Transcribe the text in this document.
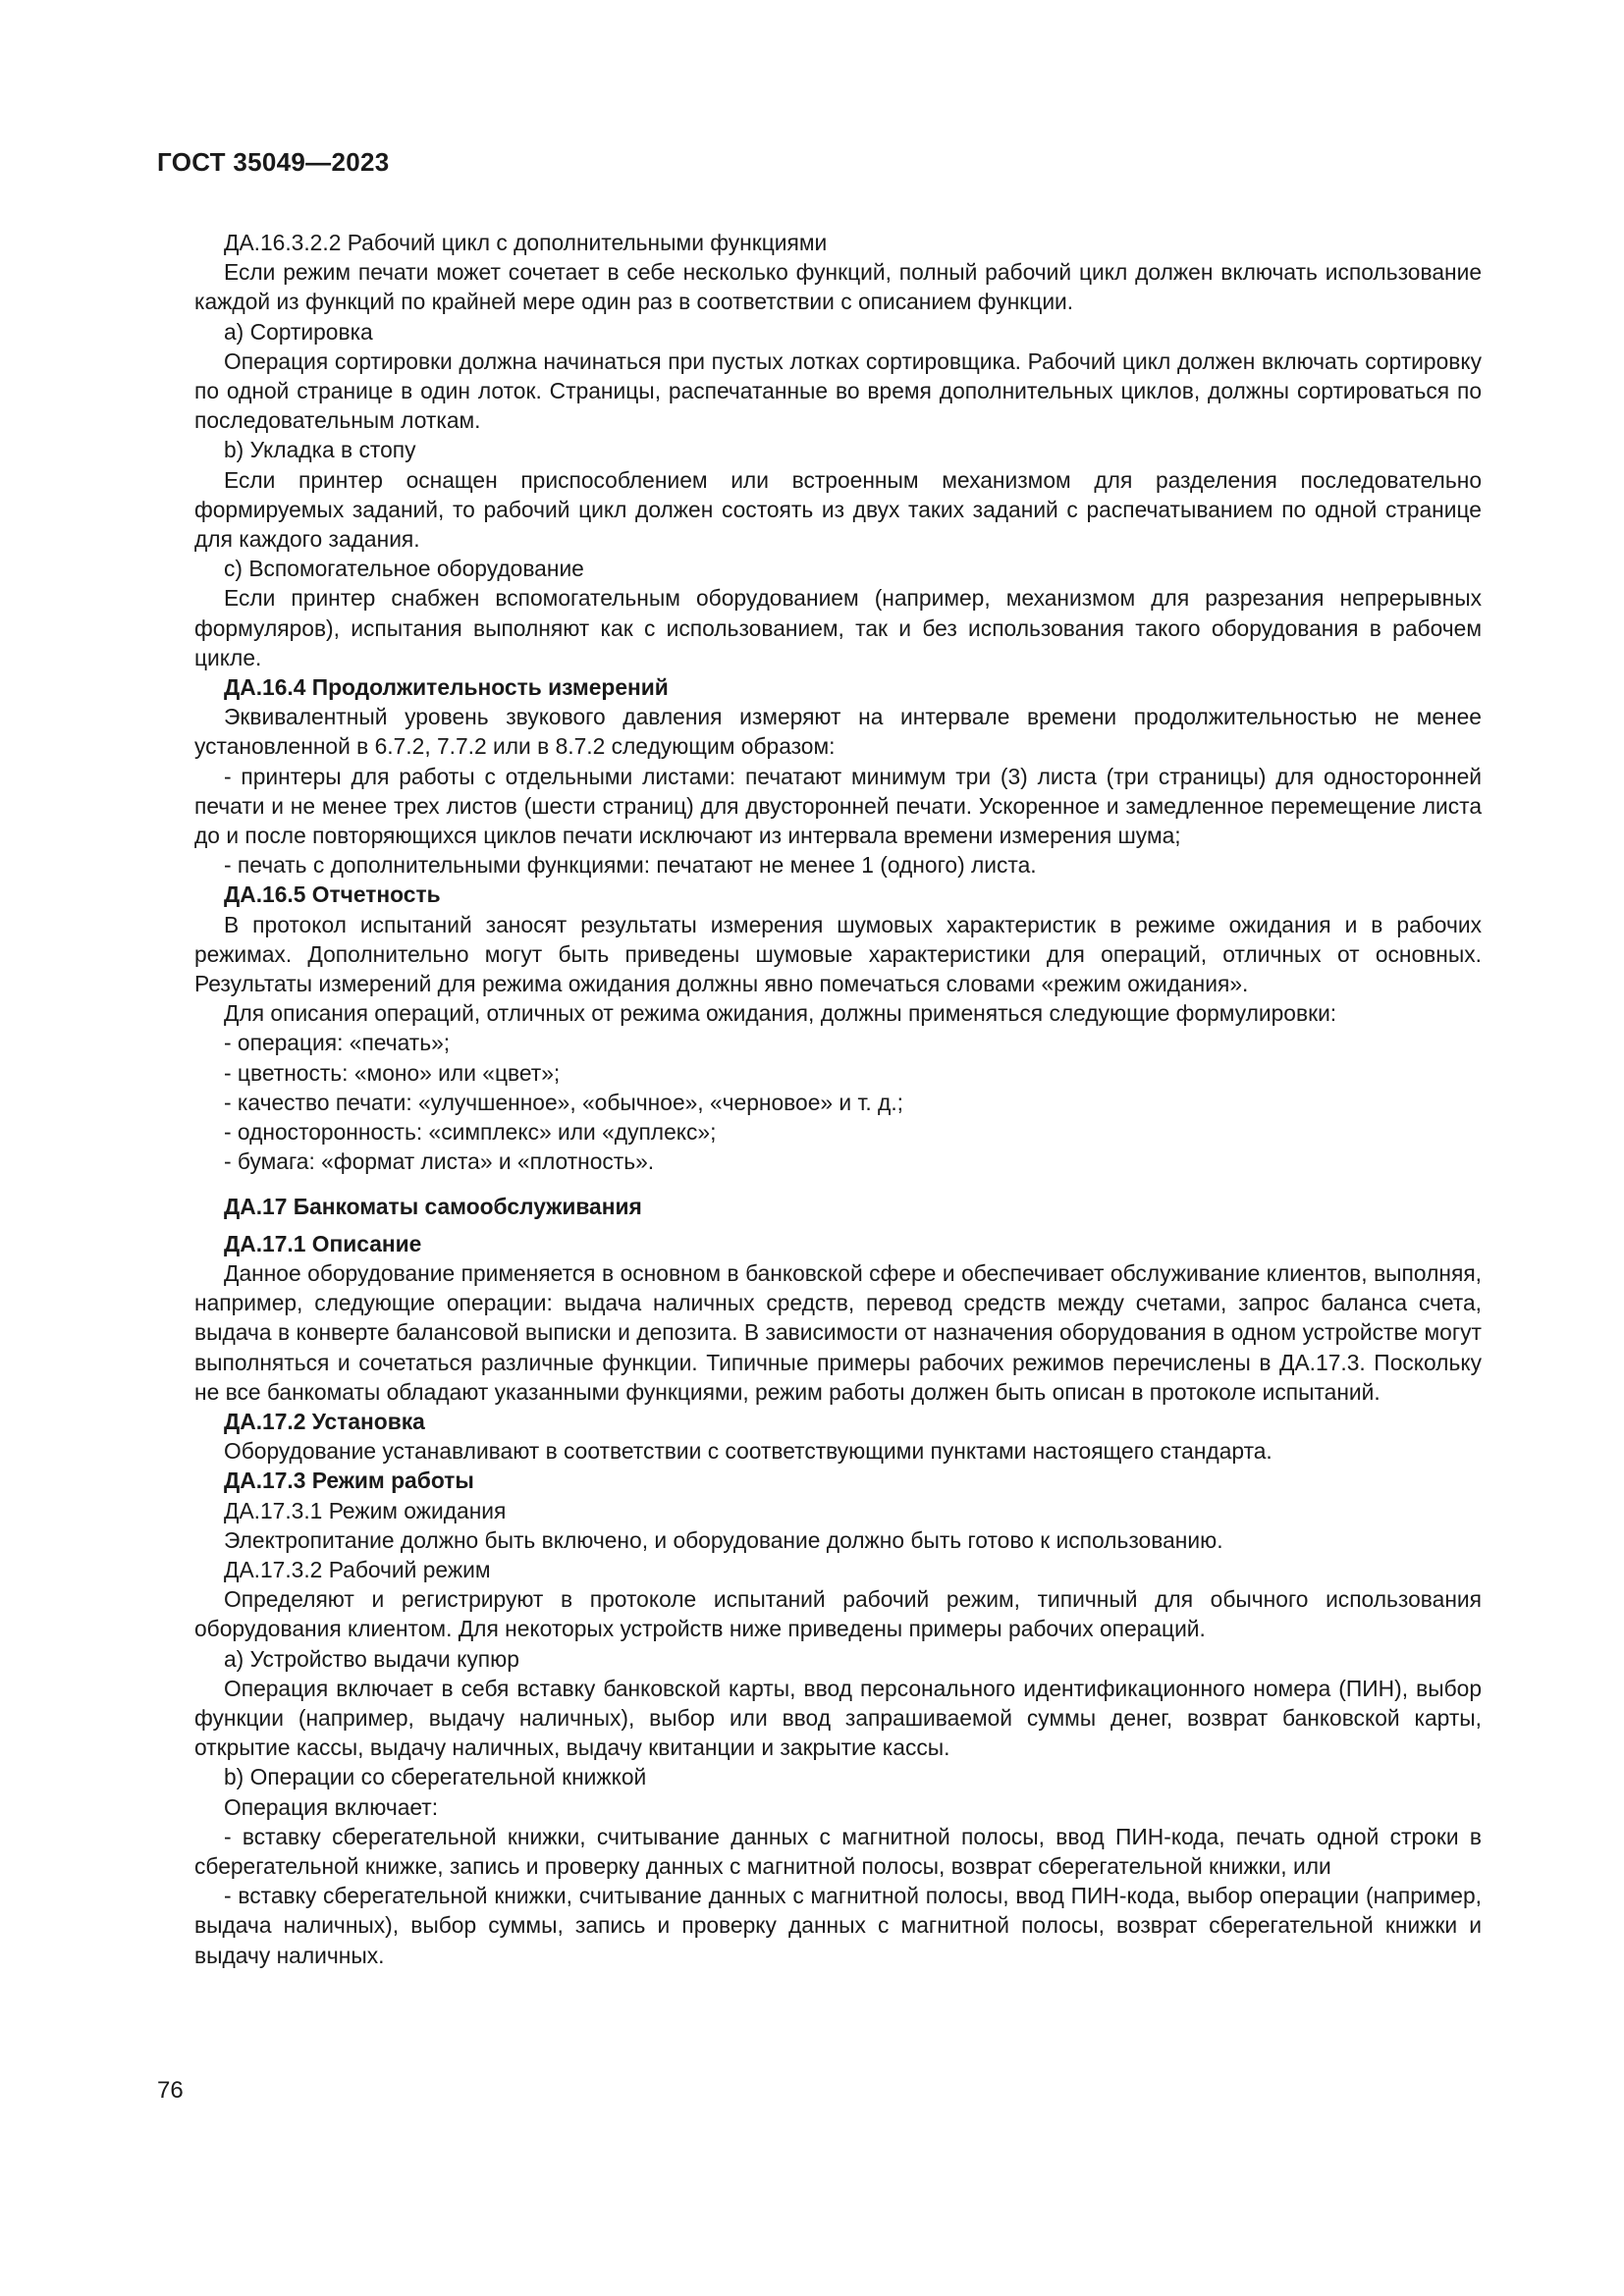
ГОСТ 35049—2023

ДА.16.3.2.2 Рабочий цикл с дополнительными функциями

Если режим печати может сочетает в себе несколько функций, полный рабочий цикл должен включать использование каждой из функций по крайней мере один раз в соответствии с описанием функции.

а) Сортировка

Операция сортировки должна начинаться при пустых лотках сортировщика. Рабочий цикл должен включать сортировку по одной странице в один лоток. Страницы, распечатанные во время дополнительных циклов, должны сортироваться по последовательным лоткам.

b) Укладка в стопу

Если принтер оснащен приспособлением или встроенным механизмом для разделения последовательно формируемых заданий, то рабочий цикл должен состоять из двух таких заданий с распечатыванием по одной странице для каждого задания.

с) Вспомогательное оборудование

Если принтер снабжен вспомогательным оборудованием (например, механизмом для разрезания непрерывных формуляров), испытания выполняют как с использованием, так и без использования такого оборудования в рабочем цикле.

ДА.16.4 Продолжительность измерений

Эквивалентный уровень звукового давления измеряют на интервале времени продолжительностью не менее установленной в 6.7.2, 7.7.2 или в 8.7.2 следующим образом:

- принтеры для работы с отдельными листами: печатают минимум три (3) листа (три страницы) для односторонней печати и не менее трех листов (шести страниц) для двусторонней печати. Ускоренное и замедленное перемещение листа до и после повторяющихся циклов печати исключают из интервала времени измерения шума;

- печать с дополнительными функциями: печатают не менее 1 (одного) листа.

ДА.16.5 Отчетность

В протокол испытаний заносят результаты измерения шумовых характеристик в режиме ожидания и в рабочих режимах. Дополнительно могут быть приведены шумовые характеристики для операций, отличных от основных. Результаты измерений для режима ожидания должны явно помечаться словами «режим ожидания».

Для описания операций, отличных от режима ожидания, должны применяться следующие формулировки:

- операция: «печать»;

- цветность: «моно» или «цвет»;

- качество печати: «улучшенное», «обычное», «черновое» и т. д.;

- односторонность: «симплекс» или «дуплекс»;

- бумага: «формат листа» и «плотность».

ДА.17 Банкоматы самообслуживания

ДА.17.1 Описание

Данное оборудование применяется в основном в банковской сфере и обеспечивает обслуживание клиентов, выполняя, например, следующие операции: выдача наличных средств, перевод средств между счетами, запрос баланса счета, выдача в конверте балансовой выписки и депозита. В зависимости от назначения оборудования в одном устройстве могут выполняться и сочетаться различные функции. Типичные примеры рабочих режимов перечислены в ДА.17.3. Поскольку не все банкоматы обладают указанными функциями, режим работы должен быть описан в протоколе испытаний.

ДА.17.2 Установка

Оборудование устанавливают в соответствии с соответствующими пунктами настоящего стандарта.

ДА.17.3 Режим работы

ДА.17.3.1 Режим ожидания

Электропитание должно быть включено, и оборудование должно быть готово к использованию.

ДА.17.3.2 Рабочий режим

Определяют и регистрируют в протоколе испытаний рабочий режим, типичный для обычного использования оборудования клиентом. Для некоторых устройств ниже приведены примеры рабочих операций.

а) Устройство выдачи купюр

Операция включает в себя вставку банковской карты, ввод персонального идентификационного номера (ПИН), выбор функции (например, выдачу наличных), выбор или ввод запрашиваемой суммы денег, возврат банковской карты, открытие кассы, выдачу наличных, выдачу квитанции и закрытие кассы.

b) Операции со сберегательной книжкой

Операция включает:

- вставку сберегательной книжки, считывание данных с магнитной полосы, ввод ПИН-кода, печать одной строки в сберегательной книжке, запись и проверку данных с магнитной полосы, возврат сберегательной книжки, или

- вставку сберегательной книжки, считывание данных с магнитной полосы, ввод ПИН-кода, выбор операции (например, выдача наличных), выбор суммы, запись и проверку данных с магнитной полосы, возврат сберегательной книжки и выдачу наличных.

76
